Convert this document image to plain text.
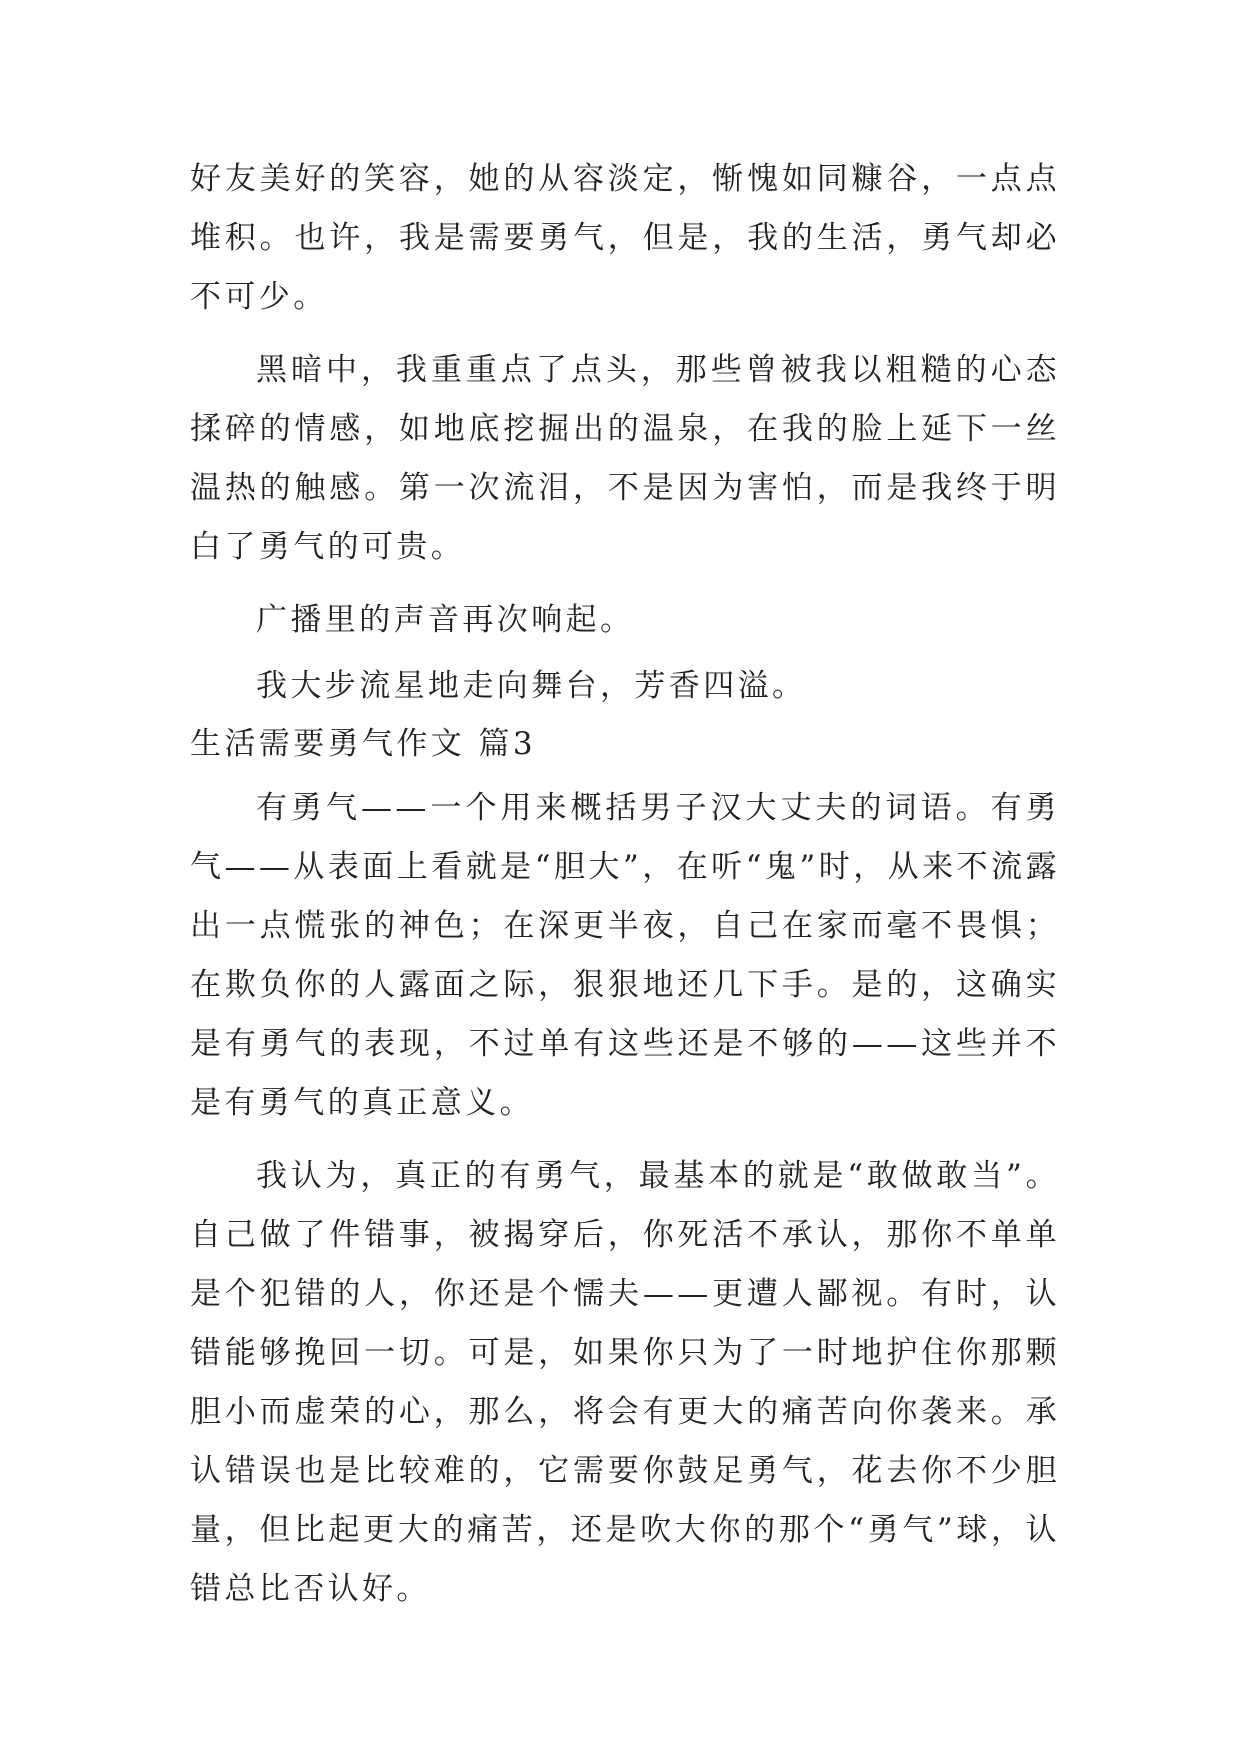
好友美好的笑容，她的从容淡定，惭愧如同糠谷，一点点堆积。也许，我是需要勇气，但是，我的生活，勇气却必不可少。

黑暗中，我重重点了点头，那些曾被我以粗糙的心态揉碎的情感，如地底挖掘出的温泉，在我的脸上延下一丝温热的触感。第一次流泪，不是因为害怕，而是我终于明白了勇气的可贵。

广播里的声音再次响起。

我大步流星地走向舞台，芳香四溢。

生活需要勇气作文 篇3

有勇气——一个用来概括男子汉大丈夫的词语。有勇气——从表面上看就是“胆大”，在听“鬼”时，从来不流露出一点慌张的神色；在深更半夜，自己在家而毫不畏惧；在欺负你的人露面之际，狠狠地还几下手。是的，这确实是有勇气的表现，不过单有这些还是不够的——这些并不是有勇气的真正意义。

我认为，真正的有勇气，最基本的就是“敢做敢当”。自己做了件错事，被揭穿后，你死活不承认，那你不单单是个犯错的人，你还是个懦夫——更遭人鄙视。有时，认错能够挽回一切。可是，如果你只为了一时地护住你那颗胆小而虚荣的心，那么，将会有更大的痛苦向你袭来。承认错误也是比较难的，它需要你鼓足勇气，花去你不少胆量，但比起更大的痛苦，还是吹大你的那个“勇气”球，认错总比否认好。
